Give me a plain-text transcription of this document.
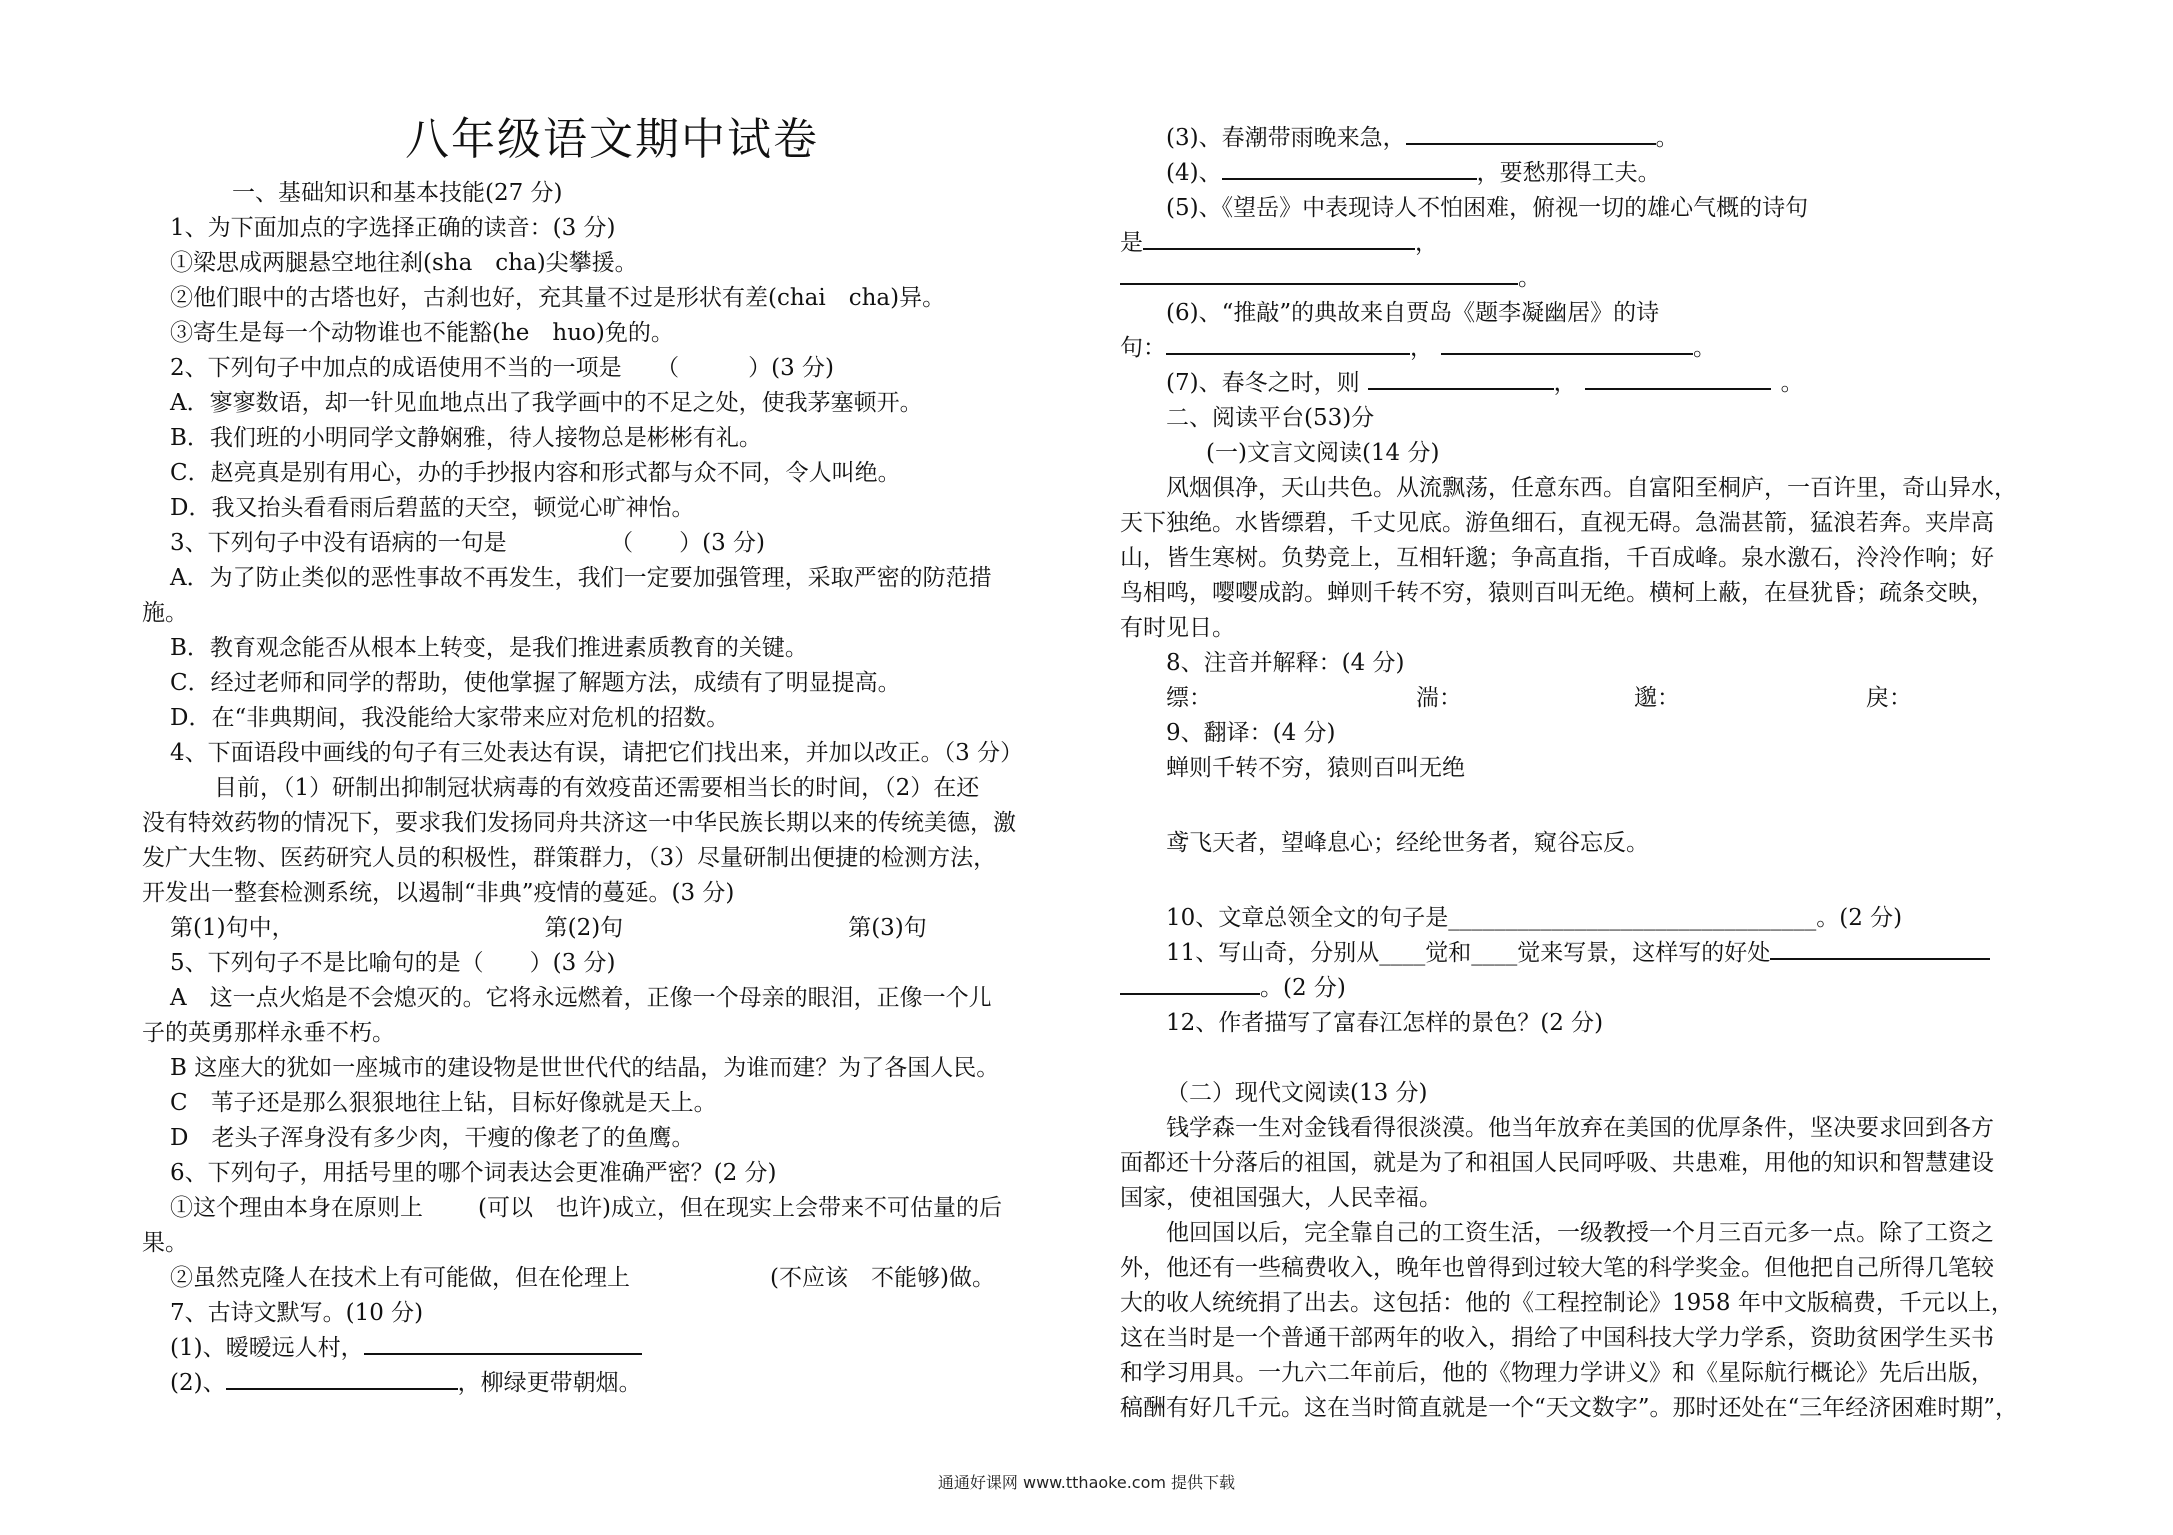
八年级语文期中试卷
一、基础知识和基本技能(27 分)
1、为下面加点的字选择正确的读音：(3 分)
①梁思成两腿悬空地往刹(sha　cha)尖攀援。
②他们眼中的古塔也好，古刹也好，充其量不过是形状有差(chai　cha)异。
③寄生是每一个动物谁也不能豁(he　huo)免的。
2、下列句子中加点的成语使用不当的一项是　　（　　　）(3 分)
A．寥寥数语，却一针见血地点出了我学画中的不足之处，使我茅塞顿开。
B．我们班的小明同学文静娴雅，待人接物总是彬彬有礼。
C．赵亮真是别有用心，办的手抄报内容和形式都与众不同，令人叫绝。
D．我又抬头看看雨后碧蓝的天空，顿觉心旷神怡。
3、下列句子中没有语病的一句是　　　　　（　　）(3 分)
A．为了防止类似的恶性事故不再发生，我们一定要加强管理，采取严密的防范措
施。
B．教育观念能否从根本上转变，是我们推进素质教育的关键。
C．经过老师和同学的帮助，使他掌握了解题方法，成绩有了明显提高。
D．在“非典期间，我没能给大家带来应对危机的招数。
4、下面语段中画线的句子有三处表达有误，请把它们找出来，并加以改正。（3 分）
目前，（1）研制出抑制冠状病毒的有效疫苗还需要相当长的时间，（2）在还
没有特效药物的情况下，要求我们发扬同舟共济这一中华民族长期以来的传统美德，激
发广大生物、医药研究人员的积极性，群策群力，（3）尽量研制出便捷的检测方法，
开发出一整套检测系统，以遏制“非典”疫情的蔓延。(3 分)
第(1)句中，	第(2)句	第(3)句
5、下列句子不是比喻句的是（　　）(3 分)
A　这一点火焰是不会熄灭的。它将永远燃着，正像一个母亲的眼泪，正像一个儿
子的英勇那样永垂不朽。
B 这座大的犹如一座城市的建设物是世世代代的结晶，为谁而建？为了各国人民。
C　苇子还是那么狠狠地往上钻，目标好像就是天上。
D　老头子浑身没有多少肉，干瘦的像老了的鱼鹰。
6、下列句子，用括号里的哪个词表达会更准确严密？(2 分)
①这个理由本身在原则上 (可以　也许)成立，但在现实上会带来不可估量的后
果。
②虽然克隆人在技术上有可能做，但在伦理上	(不应该　不能够)做。
7、古诗文默写。(10 分)
(1)、暧暧远人村，
(2)、	，柳绿更带朝烟。
(3)、春潮带雨晚来急，	。
(4)、	，要愁那得工夫。
(5)、《望岳》中表现诗人不怕困难，俯视一切的雄心气概的诗句
是	，
。
(6)、“推敲”的典故来自贾岛《题李凝幽居》的诗
句：	，	。
(7)、春冬之时，则	，	。
二、阅读平台(53)分
(一)文言文阅读(14 分)
风烟俱净，天山共色。从流飘荡，任意东西。自富阳至桐庐，一百许里，奇山异水，
天下独绝。水皆缥碧，千丈见底。游鱼细石，直视无碍。急湍甚箭，猛浪若奔。夹岸高
山，皆生寒树。负势竞上，互相轩邈；争高直指，千百成峰。泉水激石，泠泠作响；好
鸟相鸣，嘤嘤成韵。蝉则千转不穷，猿则百叫无绝。横柯上蔽，在昼犹昏；疏条交映，
有时见日。
8、注音并解释：(4 分)
缥：	湍：	邈：	戾：
9、翻译：(4 分)
蝉则千转不穷，猿则百叫无绝
鸢飞天者，望峰息心；经纶世务者，窥谷忘反。
10、文章总领全文的句子是________________________________。(2 分)
11、写山奇，分别从____觉和____觉来写景，这样写的好处
。(2 分)
12、作者描写了富春江怎样的景色？(2 分)
（二）现代文阅读(13 分)
钱学森一生对金钱看得很淡漠。他当年放弃在美国的优厚条件，坚决要求回到各方
面都还十分落后的祖国，就是为了和祖国人民同呼吸、共患难，用他的知识和智慧建设
国家，使祖国强大，人民幸福。
他回国以后，完全靠自己的工资生活，一级教授一个月三百元多一点。除了工资之
外，他还有一些稿费收入，晚年也曾得到过较大笔的科学奖金。但他把自己所得几笔较
大的收人统统捐了出去。这包括：他的《工程控制论》1958 年中文版稿费，千元以上，
这在当时是一个普通干部两年的收入，捐给了中国科技大学力学系，资助贫困学生买书
和学习用具。一九六二年前后，他的《物理力学讲义》和《星际航行概论》先后出版，
稿酬有好几千元。这在当时简直就是一个“天文数字”。那时还处在“三年经济困难时期”，
通通好课网 www.tthaoke.com 提供下载
